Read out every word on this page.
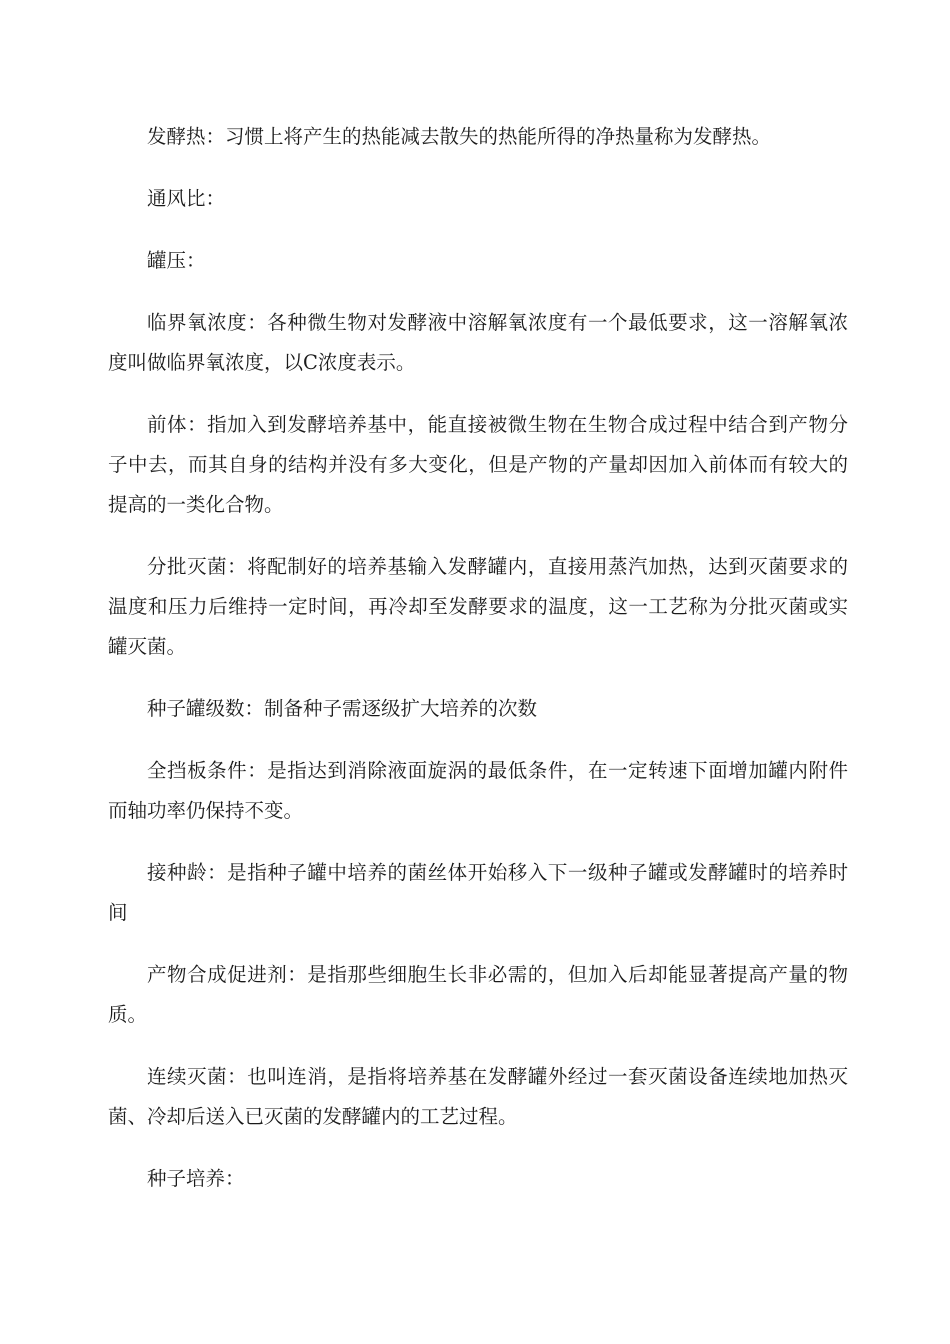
发酵热：习惯上将产生的热能减去散失的热能所得的净热量称为发酵热。

通风比：

罐压：

临界氧浓度：各种微生物对发酵液中溶解氧浓度有一个最低要求，这一溶解氧浓度叫做临界氧浓度，以C浓度表示。

前体：指加入到发酵培养基中，能直接被微生物在生物合成过程中结合到产物分子中去，而其自身的结构并没有多大变化，但是产物的产量却因加入前体而有较大的提高的一类化合物。

分批灭菌：将配制好的培养基输入发酵罐内，直接用蒸汽加热，达到灭菌要求的温度和压力后维持一定时间，再冷却至发酵要求的温度，这一工艺称为分批灭菌或实罐灭菌。

种子罐级数：制备种子需逐级扩大培养的次数

全挡板条件：是指达到消除液面旋涡的最低条件，在一定转速下面增加罐内附件而轴功率仍保持不变。

接种龄：是指种子罐中培养的菌丝体开始移入下一级种子罐或发酵罐时的培养时间

产物合成促进剂：是指那些细胞生长非必需的，但加入后却能显著提高产量的物质。

连续灭菌：也叫连消，是指将培养基在发酵罐外经过一套灭菌设备连续地加热灭菌、冷却后送入已灭菌的发酵罐内的工艺过程。

种子培养：
